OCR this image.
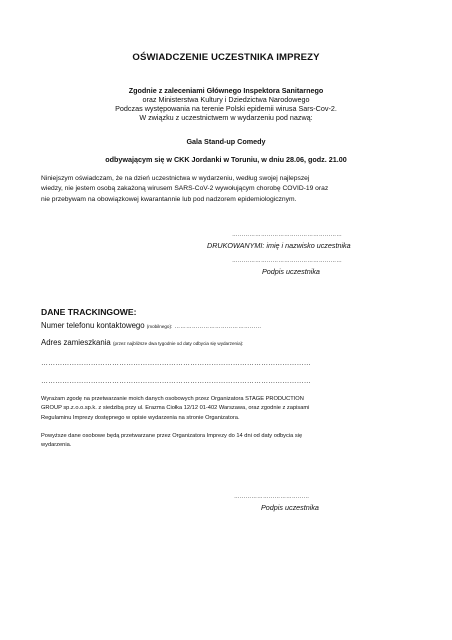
OŚWIADCZENIE UCZESTNIKA IMPREZY
Zgodnie z zaleceniami Głównego Inspektora Sanitarnego
oraz Ministerstwa Kultury i Dziedzictwa Narodowego
Podczas występowania na terenie Polski epidemii wirusa Sars-Cov-2.
W związku z uczestnictwem w wydarzeniu pod nazwą:
Gala Stand-up Comedy
odbywającym się w CKK Jordanki w Toruniu, w dniu 28.06, godz. 21.00
Niniejszym oświadczam, że na dzień uczestnictwa w wydarzeniu, według swojej najlepszej
wiedzy, nie jestem osobą zakażoną wirusem SARS-CoV-2 wywołującym chorobę COVID-19 oraz
nie przebywam na obowiązkowej kwarantannie lub pod nadzorem epidemiologicznym.
…………………………………………………
DRUKOWANYMI: imię i nazwisko uczestnika
…………………………………………………
Podpis uczestnika
DANE TRACKINGOWE:
Numer telefonu kontaktowego (mobilnego): ………………………………………
Adres zamieszkania (przez najbliższe dwa tygodnie od daty odbycia się wydarzenia):
……………………………………………………………………………………………………
……………………………………………………………………………………………………
Wyrażam zgodę na przetwarzanie moich danych osobowych przez Organizatora STAGE PRODUCTION
GROUP sp.z.o.o.sp.k. z siedzibą przy ul. Erazma Ciołka 12/12 01-402 Warszawa, oraz zgodnie z zapisami
Regulaminu Imprezy dostępnego w opisie wydarzenia na stronie Organizatora.
Powyższe dane osobowe będą przetwarzane przez Organizatora Imprezy do 14 dni od daty odbycia się
wydarzenia.
…………………………………
Podpis uczestnika
